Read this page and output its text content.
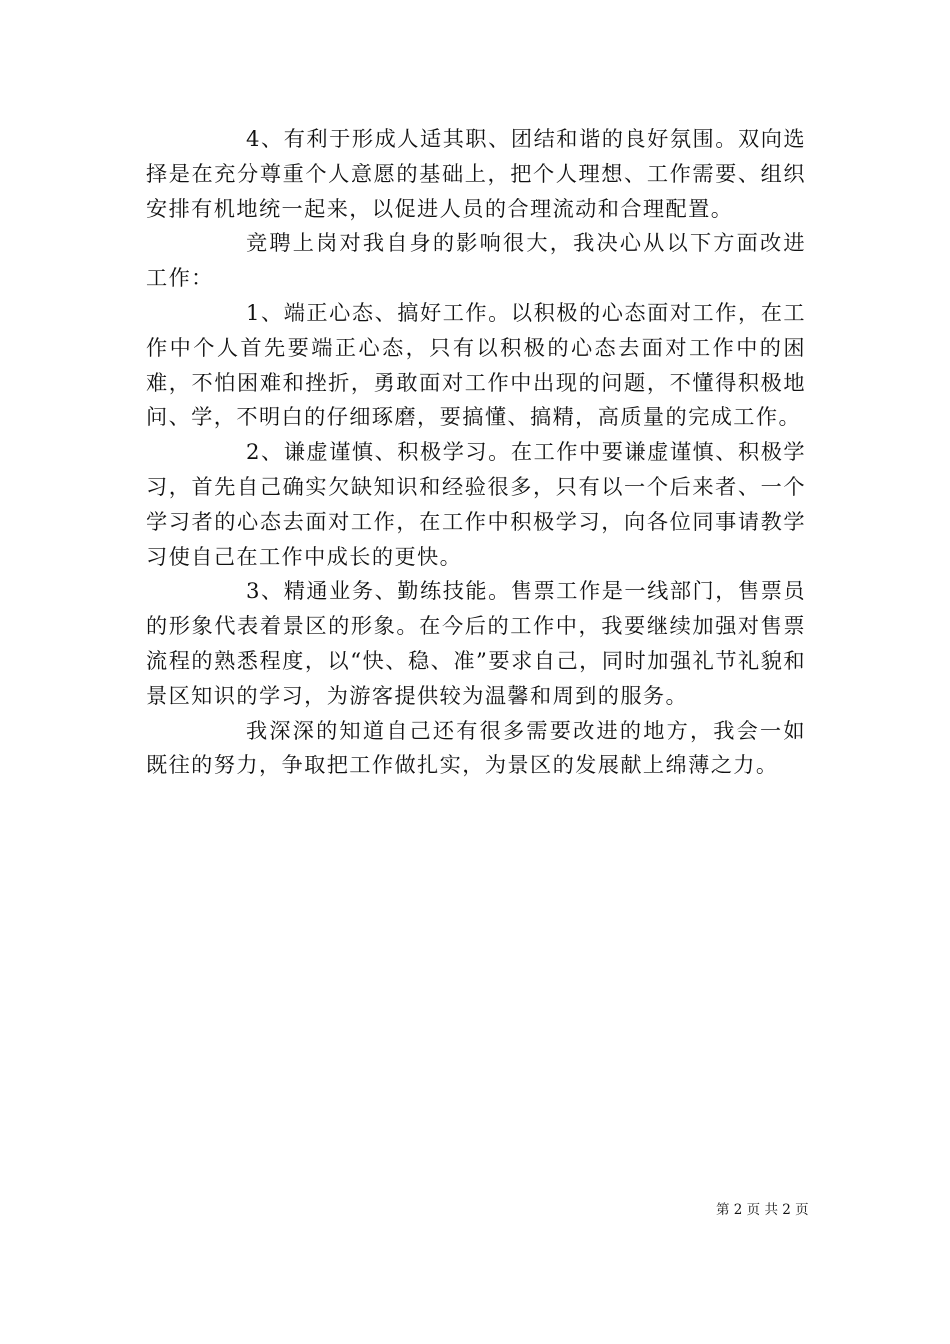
4、有利于形成人适其职、团结和谐的良好氛围。双向选择是在充分尊重个人意愿的基础上，把个人理想、工作需要、组织安排有机地统一起来，以促进人员的合理流动和合理配置。

竞聘上岗对我自身的影响很大，我决心从以下方面改进工作：

1、端正心态、搞好工作。以积极的心态面对工作，在工作中个人首先要端正心态，只有以积极的心态去面对工作中的困难，不怕困难和挫折，勇敢面对工作中出现的问题，不懂得积极地问、学，不明白的仔细琢磨，要搞懂、搞精，高质量的完成工作。

2、谦虚谨慎、积极学习。在工作中要谦虚谨慎、积极学习，首先自己确实欠缺知识和经验很多，只有以一个后来者、一个学习者的心态去面对工作，在工作中积极学习，向各位同事请教学习使自己在工作中成长的更快。

3、精通业务、勤练技能。售票工作是一线部门，售票员的形象代表着景区的形象。在今后的工作中，我要继续加强对售票流程的熟悉程度，以“快、稳、准”要求自己，同时加强礼节礼貌和景区知识的学习，为游客提供较为温馨和周到的服务。

我深深的知道自己还有很多需要改进的地方，我会一如既往的努力，争取把工作做扎实，为景区的发展献上绵薄之力。

第 2 页 共 2 页
